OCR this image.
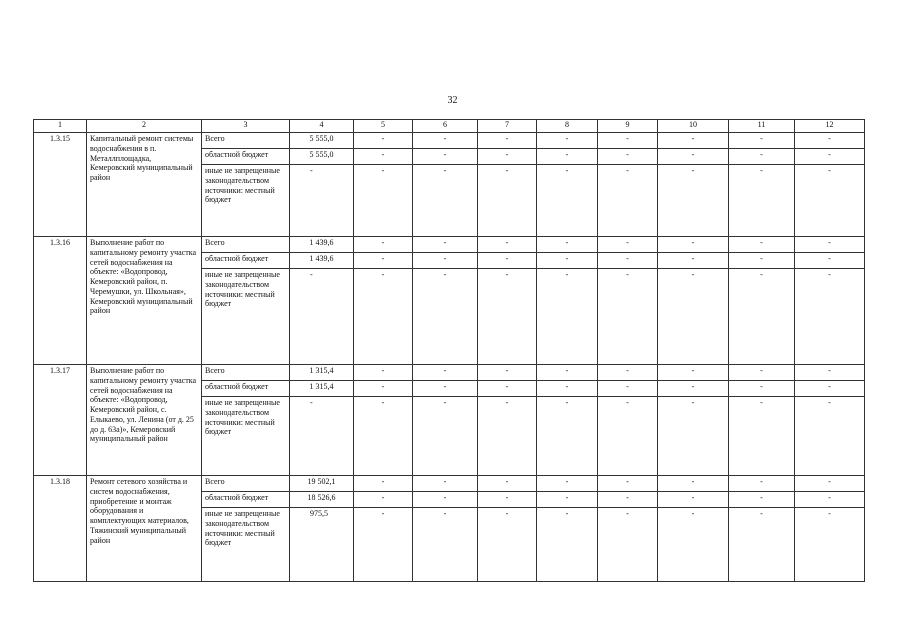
32
1	2	3	4	5	6	7	8	9	10	11	12
1.3.15	Капитальный ремонт системы водоснабжения в п. Металлплощадка, Кемеровский муниципальный район	Всего	5 555,0	-	-	-	-	-	-	-	-
		областной бюджет	5 555,0	-	-	-	-	-	-	-	-
		иные не запрещенные законодательством источники: местный бюджет	-	-	-	-	-	-	-	-	-
1.3.16	Выполнение работ по капитальному ремонту участка сетей водоснабжения на объекте: «Водопровод, Кемеровский район, п. Черемушки, ул. Школьная», Кемеровский муниципальный район	Всего	1 439,6	-	-	-	-	-	-	-	-
		областной бюджет	1 439,6	-	-	-	-	-	-	-	-
		иные не запрещенные законодательством источники: местный бюджет	-	-	-	-	-	-	-	-	-
1.3.17	Выполнение работ по капитальному ремонту участка сетей водоснабжения на объекте: «Водопровод, Кемеровский район, с. Елыкаево, ул. Ленина (от д. 25 до д. 63а)», Кемеровский муниципальный район	Всего	1 315,4	-	-	-	-	-	-	-	-
		областной бюджет	1 315,4	-	-	-	-	-	-	-	-
		иные не запрещенные законодательством источники: местный бюджет	-	-	-	-	-	-	-	-	-
1.3.18	Ремонт сетевого хозяйства и систем водоснабжения, приобретение и монтаж оборудования и комплектующих материалов, Тяжинский муниципальный район	Всего	19 502,1	-	-	-	-	-	-	-	-
		областной бюджет	18 526,6	-	-	-	-	-	-	-	-
		иные не запрещенные законодательством источники: местный бюджет	975,5	-	-	-	-	-	-	-	-
